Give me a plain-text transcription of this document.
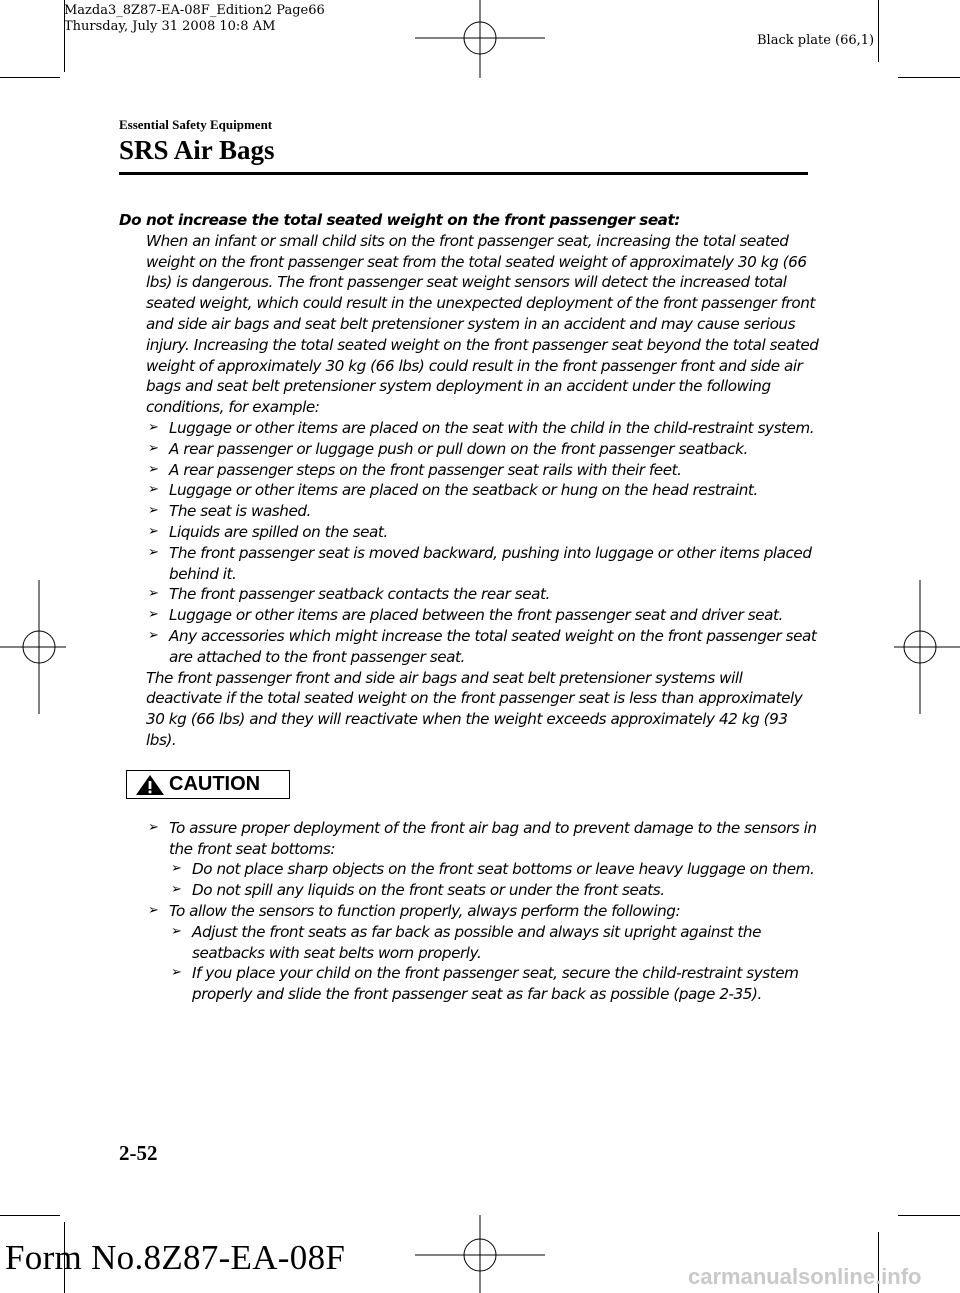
Mazda3_8Z87-EA-08F_Edition2 Page66
Thursday, July 31 2008 10:8 AM
Black plate (66,1)
Essential Safety Equipment
SRS Air Bags
Do not increase the total seated weight on the front passenger seat:
When an infant or small child sits on the front passenger seat, increasing the total seated weight on the front passenger seat from the total seated weight of approximately 30 kg (66 lbs) is dangerous. The front passenger seat weight sensors will detect the increased total seated weight, which could result in the unexpected deployment of the front passenger front and side air bags and seat belt pretensioner system in an accident and may cause serious injury. Increasing the total seated weight on the front passenger seat beyond the total seated weight of approximately 30 kg (66 lbs) could result in the front passenger front and side air bags and seat belt pretensioner system deployment in an accident under the following conditions, for example:
➢ Luggage or other items are placed on the seat with the child in the child-restraint system.
➢ A rear passenger or luggage push or pull down on the front passenger seatback.
➢ A rear passenger steps on the front passenger seat rails with their feet.
➢ Luggage or other items are placed on the seatback or hung on the head restraint.
➢ The seat is washed.
➢ Liquids are spilled on the seat.
➢ The front passenger seat is moved backward, pushing into luggage or other items placed behind it.
➢ The front passenger seatback contacts the rear seat.
➢ Luggage or other items are placed between the front passenger seat and driver seat.
➢ Any accessories which might increase the total seated weight on the front passenger seat are attached to the front passenger seat.
The front passenger front and side air bags and seat belt pretensioner systems will deactivate if the total seated weight on the front passenger seat is less than approximately 30 kg (66 lbs) and they will reactivate when the weight exceeds approximately 42 kg (93 lbs).
CAUTION
➢ To assure proper deployment of the front air bag and to prevent damage to the sensors in the front seat bottoms:
➢ Do not place sharp objects on the front seat bottoms or leave heavy luggage on them.
➢ Do not spill any liquids on the front seats or under the front seats.
➢ To allow the sensors to function properly, always perform the following:
➢ Adjust the front seats as far back as possible and always sit upright against the seatbacks with seat belts worn properly.
➢ If you place your child on the front passenger seat, secure the child-restraint system properly and slide the front passenger seat as far back as possible (page 2-35).
2-52
Form No.8Z87-EA-08F	carmanualsonline.info
